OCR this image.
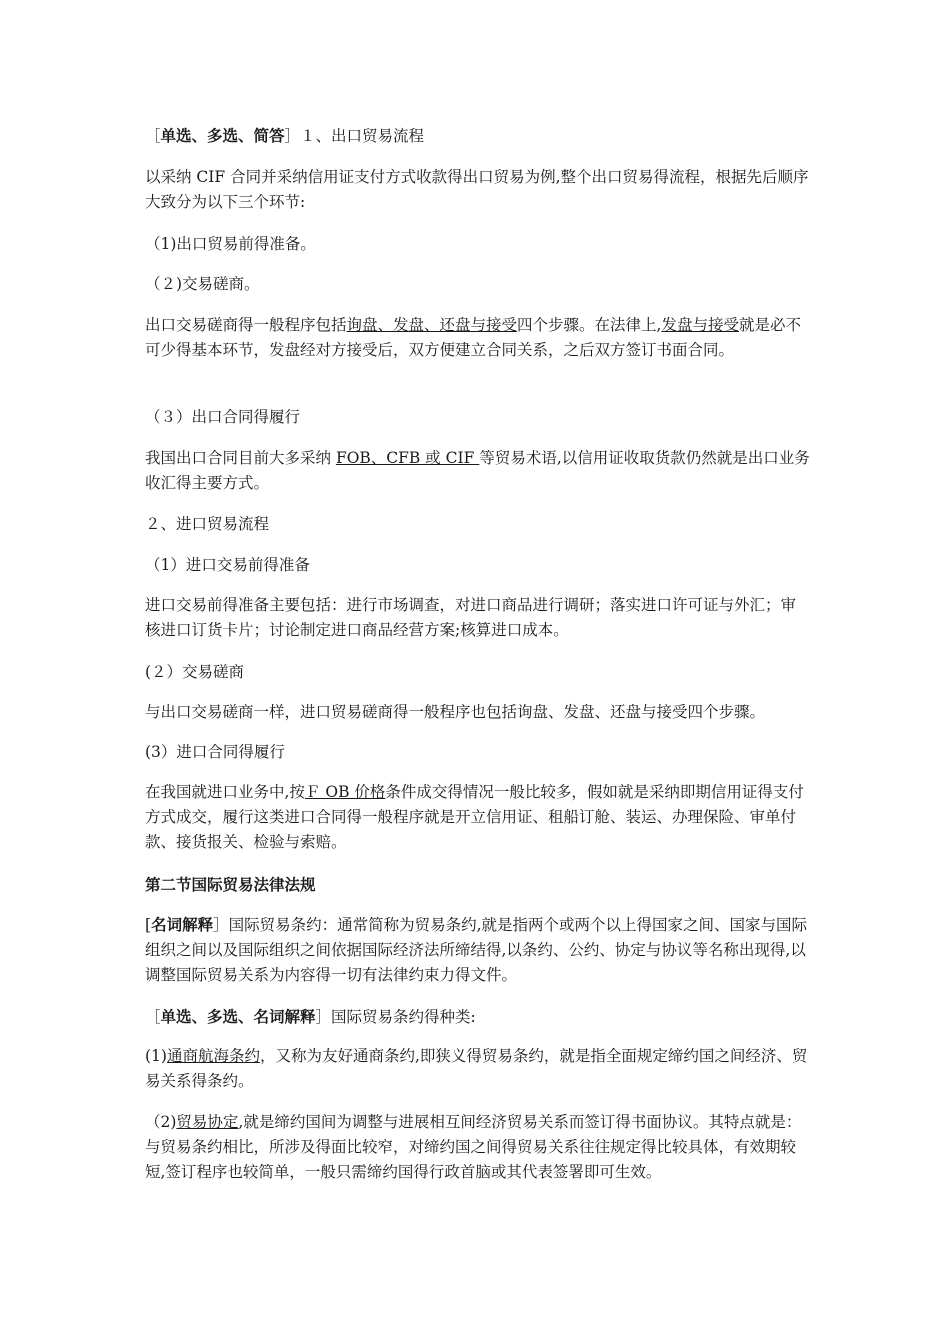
［单选、多选、简答］１、出口贸易流程

以采纳 CIF 合同并采纳信用证支付方式收款得出口贸易为例,整个出口贸易得流程，根据先后顺序大致分为以下三个环节:

（1)出口贸易前得准备。

（２)交易磋商。

出口交易磋商得一般程序包括询盘、发盘、还盘与接受四个步骤。在法律上,发盘与接受就是必不可少得基本环节，发盘经对方接受后，双方便建立合同关系，之后双方签订书面合同。

（３）出口合同得履行

我国出口合同目前大多采纳 FOB、CFB 或 CIF 等贸易术语,以信用证收取货款仍然就是出口业务收汇得主要方式。

２、进口贸易流程

（1）进口交易前得准备

进口交易前得准备主要包括：进行市场调查，对进口商品进行调研；落实进口许可证与外汇；审核进口订货卡片；讨论制定进口商品经营方案;核算进口成本。

(２）交易磋商

与出口交易磋商一样，进口贸易磋商得一般程序也包括询盘、发盘、还盘与接受四个步骤。

(3）进口合同得履行

在我国就进口业务中,按Ｆ OB 价格条件成交得情况一般比较多，假如就是采纳即期信用证得支付方式成交，履行这类进口合同得一般程序就是开立信用证、租船订舱、装运、办理保险、审单付款、接货报关、检验与索赔。

第二节国际贸易法律法规

[名词解释］国际贸易条约：通常简称为贸易条约,就是指两个或两个以上得国家之间、国家与国际组织之间以及国际组织之间依据国际经济法所缔结得,以条约、公约、协定与协议等名称出现得,以调整国际贸易关系为内容得一切有法律约束力得文件。

［单选、多选、名词解释］国际贸易条约得种类:

(1)通商航海条约，又称为友好通商条约,即狭义得贸易条约，就是指全面规定缔约国之间经济、贸易关系得条约。

（2)贸易协定,就是缔约国间为调整与进展相互间经济贸易关系而签订得书面协议。其特点就是：与贸易条约相比，所涉及得面比较窄，对缔约国之间得贸易关系往往规定得比较具体，有效期较短,签订程序也较简单，一般只需缔约国得行政首脑或其代表签署即可生效。
